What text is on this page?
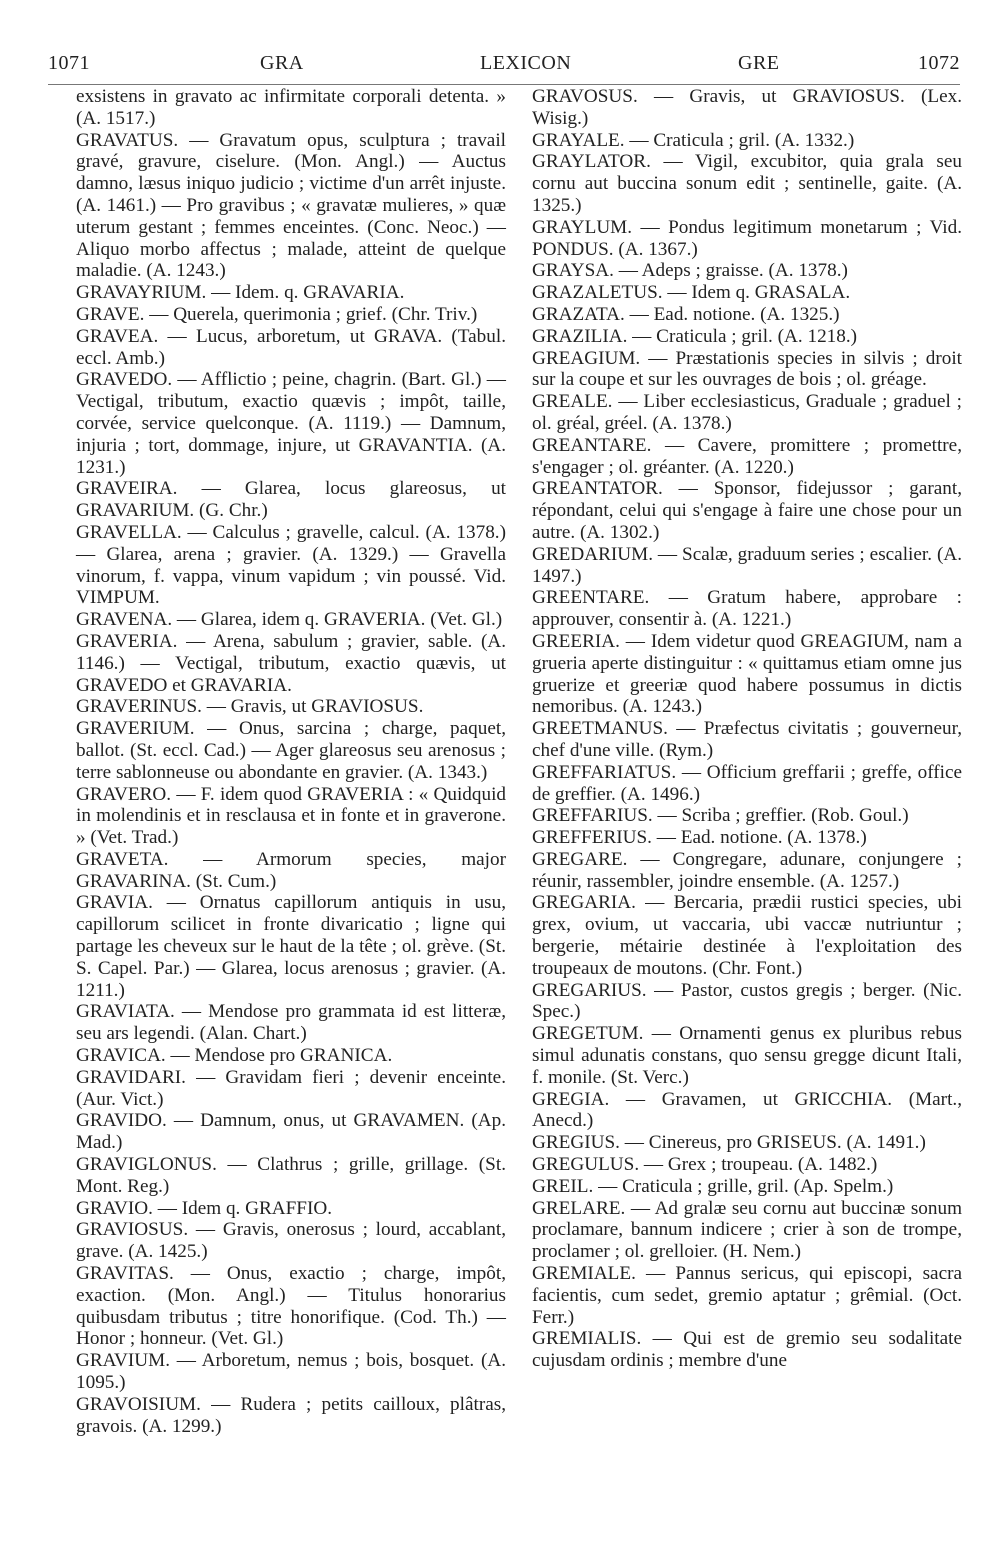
1071	GRA	LEXICON	GRE	1072

exsistens in gravato ac infirmitate corporali detenta. » (A. 1517.)

GRAVATUS. — Gravatum opus, sculptura ; travail gravé, gravure, ciselure. (Mon. Angl.) — Auctus damno, læsus iniquo judicio ; victime d'un arrêt injuste. (A. 1461.) — Pro gravibus ; « gravatæ mulieres, » quæ uterum gestant ; femmes enceintes. (Conc. Neoc.) — Aliquo morbo affectus ; malade, atteint de quelque maladie. (A. 1243.)

GRAVAYRIUM. — Idem. q. GRAVARIA.

GRAVE. — Querela, querimonia ; grief. (Chr. Triv.)

GRAVEA. — Lucus, arboretum, ut GRAVA. (Tabul. eccl. Amb.)

GRAVEDO. — Afflictio ; peine, chagrin. (Bart. Gl.) — Vectigal, tributum, exactio quævis ; impôt, taille, corvée, service quelconque. (A. 1119.) — Damnum, injuria ; tort, dommage, injure, ut GRAVANTIA. (A. 1231.)

GRAVEIRA. — Glarea, locus glareosus, ut GRAVARIUM. (G. Chr.)

GRAVELLA. — Calculus ; gravelle, calcul. (A. 1378.) — Glarea, arena ; gravier. (A. 1329.) — Gravella vinorum, f. vappa, vinum vapidum ; vin poussé. Vid. VIMPUM.

GRAVENA. — Glarea, idem q. GRAVERIA. (Vet. Gl.)

GRAVERIA. — Arena, sabulum ; gravier, sable. (A. 1146.) — Vectigal, tributum, exactio quævis, ut GRAVEDO et GRAVARIA.

GRAVERINUS. — Gravis, ut GRAVIOSUS.

GRAVERIUM. — Onus, sarcina ; charge, paquet, ballot. (St. eccl. Cad.) — Ager glareosus seu arenosus ; terre sablonneuse ou abondante en gravier. (A. 1343.)

GRAVERO. — F. idem quod GRAVERIA : « Quidquid in molendinis et in resclausa et in fonte et in graverone. » (Vet. Trad.)

GRAVETA. — Armorum species, major GRAVARINA. (St. Cum.)

GRAVIA. — Ornatus capillorum antiquis in usu, capillorum scilicet in fronte divaricatio ; ligne qui partage les cheveux sur le haut de la tête ; ol. grève. (St. S. Capel. Par.) — Glarea, locus arenosus ; gravier. (A. 1211.)

GRAVIATA. — Mendose pro grammata id est litteræ, seu ars legendi. (Alan. Chart.)

GRAVICA. — Mendose pro GRANICA.

GRAVIDARI. — Gravidam fieri ; devenir enceinte. (Aur. Vict.)

GRAVIDO. — Damnum, onus, ut GRAVAMEN. (Ap. Mad.)

GRAVIGLONUS. — Clathrus ; grille, grillage. (St. Mont. Reg.)

GRAVIO. — Idem q. GRAFFIO.

GRAVIOSUS. — Gravis, onerosus ; lourd, accablant, grave. (A. 1425.)

GRAVITAS. — Onus, exactio ; charge, impôt, exaction. (Mon. Angl.) — Titulus honorarius quibusdam tributus ; titre honorifique. (Cod. Th.) — Honor ; honneur. (Vet. Gl.)

GRAVIUM. — Arboretum, nemus ; bois, bosquet. (A. 1095.)

GRAVOISIUM. — Rudera ; petits cailloux, plâtras, gravois. (A. 1299.)

GRAVOSUS. — Gravis, ut GRAVIOSUS. (Lex. Wisig.)

GRAYALE. — Craticula ; gril. (A. 1332.)

GRAYLATOR. — Vigil, excubitor, quia grala seu cornu aut buccina sonum edit ; sentinelle, gaite. (A. 1325.)

GRAYLUM. — Pondus legitimum monetarum ; Vid. PONDUS. (A. 1367.)

GRAYSA. — Adeps ; graisse. (A. 1378.)

GRAZALETUS. — Idem q. GRASALA.

GRAZATA. — Ead. notione. (A. 1325.)

GRAZILIA. — Craticula ; gril. (A. 1218.)

GREAGIUM. — Præstationis species in silvis ; droit sur la coupe et sur les ouvrages de bois ; ol. gréage.

GREALE. — Liber ecclesiasticus, Graduale ; graduel ; ol. gréal, gréel. (A. 1378.)

GREANTARE. — Cavere, promittere ; promettre, s'engager ; ol. gréanter. (A. 1220.)

GREANTATOR. — Sponsor, fidejussor ; garant, répondant, celui qui s'engage à faire une chose pour un autre. (A. 1302.)

GREDARIUM. — Scalæ, graduum series ; escalier. (A. 1497.)

GREENTARE. — Gratum habere, approbare : approuver, consentir à. (A. 1221.)

GREERIA. — Idem videtur quod GREAGIUM, nam a grueria aperte distinguitur : « quittamus etiam omne jus gruerize et greeriæ quod habere possumus in dictis nemoribus. (A. 1243.)

GREETMANUS. — Præfectus civitatis ; gouverneur, chef d'une ville. (Rym.)

GREFFARIATUS. — Officium greffarii ; greffe, office de greffier. (A. 1496.)

GREFFARIUS. — Scriba ; greffier. (Rob. Goul.)

GREFFERIUS. — Ead. notione. (A. 1378.)

GREGARE. — Congregare, adunare, conjungere ; réunir, rassembler, joindre ensemble. (A. 1257.)

GREGARIA. — Bercaria, prædii rustici species, ubi grex, ovium, ut vaccaria, ubi vaccæ nutriuntur ; bergerie, métairie destinée à l'exploitation des troupeaux de moutons. (Chr. Font.)

GREGARIUS. — Pastor, custos gregis ; berger. (Nic. Spec.)

GREGETUM. — Ornamenti genus ex pluribus rebus simul adunatis constans, quo sensu gregge dicunt Itali, f. monile. (St. Verc.)

GREGIA. — Gravamen, ut GRICCHIA. (Mart., Anecd.)

GREGIUS. — Cinereus, pro GRISEUS. (A. 1491.)

GREGULUS. — Grex ; troupeau. (A. 1482.)

GREIL. — Craticula ; grille, gril. (Ap. Spelm.)

GRELARE. — Ad gralæ seu cornu aut buccinæ sonum proclamare, bannum indicere ; crier à son de trompe, proclamer ; ol. grelloier. (H. Nem.)

GREMIALE. — Pannus sericus, qui episcopi, sacra facientis, cum sedet, gremio aptatur ; grêmial. (Oct. Ferr.)

GREMIALIS. — Qui est de gremio seu sodalitate cujusdam ordinis ; membre d'une
